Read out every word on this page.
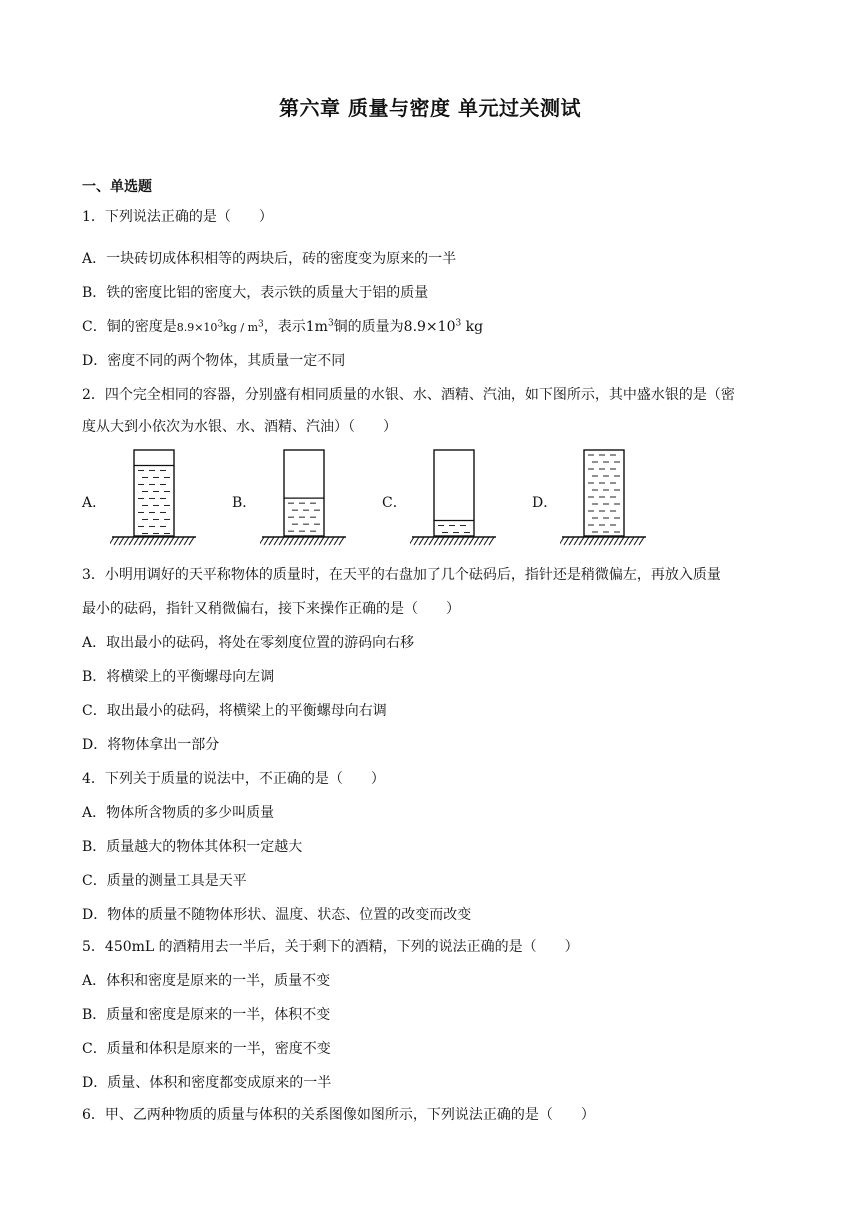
第六章 质量与密度 单元过关测试
一、单选题
1．下列说法正确的是（　　）
A．一块砖切成体积相等的两块后，砖的密度变为原来的一半
B．铁的密度比铝的密度大，表示铁的质量大于铝的质量
C．铜的密度是$8.9\times 10^3kg / m^3$，表示$1m^3$铜的质量为$8.9\times 10^3$ kg
D．密度不同的两个物体，其质量一定不同
2．四个完全相同的容器，分别盛有相同质量的水银、水、酒精、汽油，如下图所示，其中盛水银的是（密
度从大到小依次为水银、水、酒精、汽油）（　　）
A．	B．	C．	D．
3．小明用调好的天平称物体的质量时，在天平的右盘加了几个砝码后，指针还是稍微偏左，再放入质量
最小的砝码，指针又稍微偏右，接下来操作正确的是（　　）
A．取出最小的砝码，将处在零刻度位置的游码向右移
B．将横梁上的平衡螺母向左调
C．取出最小的砝码，将横梁上的平衡螺母向右调
D．将物体拿出一部分
4．下列关于质量的说法中，不正确的是（　　）
A．物体所含物质的多少叫质量
B．质量越大的物体其体积一定越大
C．质量的测量工具是天平
D．物体的质量不随物体形状、温度、状态、位置的改变而改变
5．450mL 的酒精用去一半后，关于剩下的酒精，下列的说法正确的是（　　）
A．体积和密度是原来的一半，质量不变
B．质量和密度是原来的一半，体积不变
C．质量和体积是原来的一半，密度不变
D．质量、体积和密度都变成原来的一半
6．甲、乙两种物质的质量与体积的关系图像如图所示，下列说法正确的是（　　）
